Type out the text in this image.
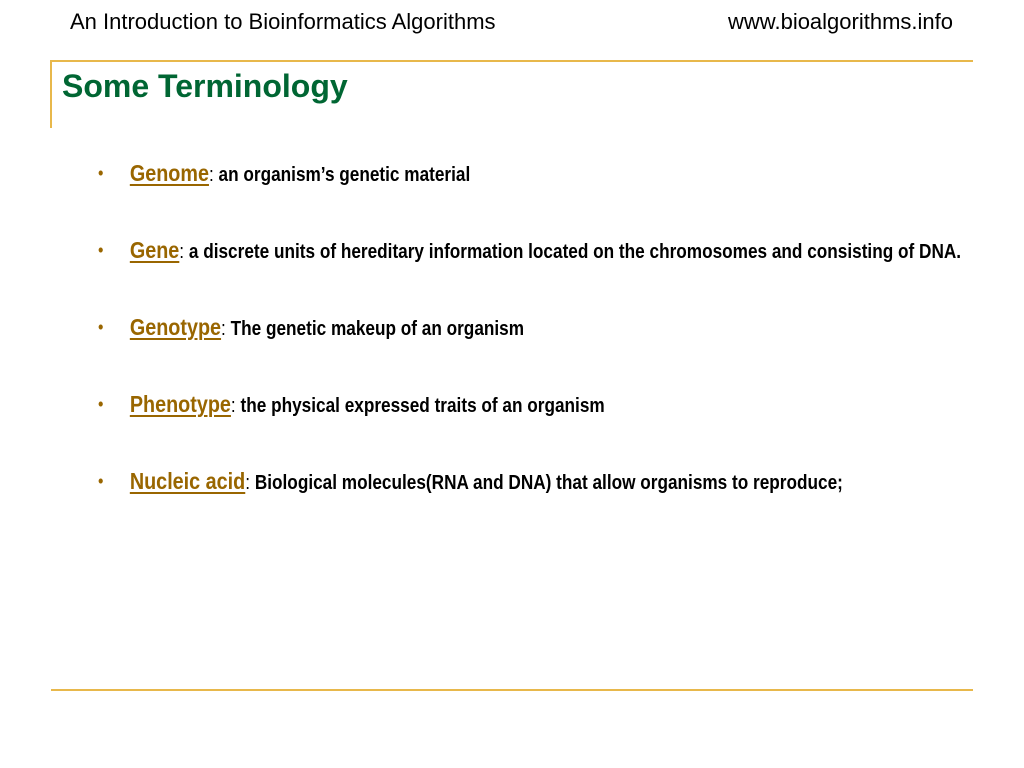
An Introduction to Bioinformatics Algorithms	www.bioalgorithms.info
Some Terminology
• Genome: an organism’s genetic material
• Gene: a discrete units of hereditary information located on the chromosomes and consisting of DNA.
• Genotype: The genetic makeup of an organism
• Phenotype: the physical expressed traits of an organism
• Nucleic acid: Biological molecules(RNA and DNA) that allow organisms to reproduce;
